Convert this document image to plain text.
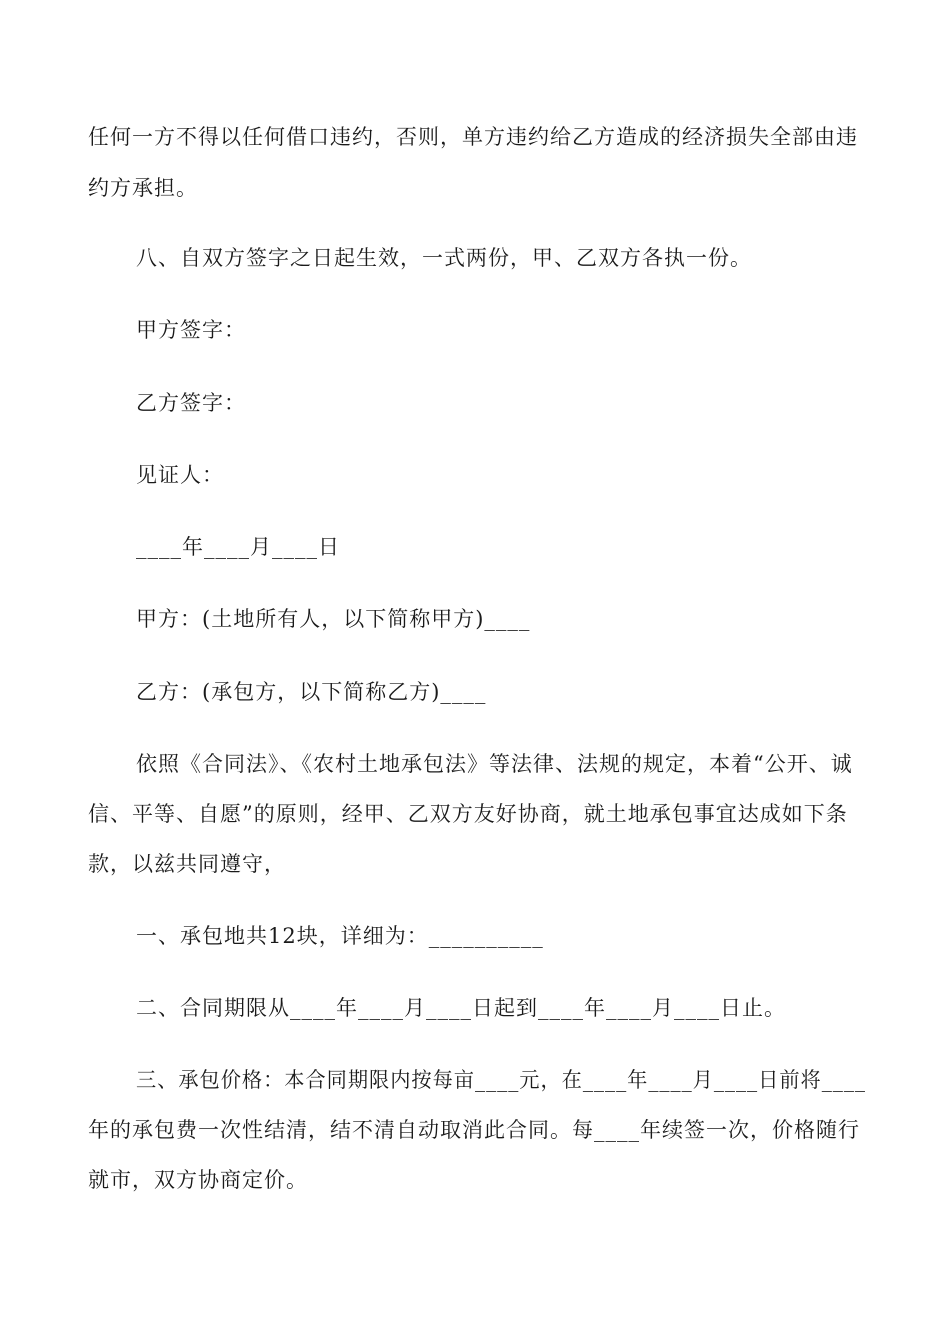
任何一方不得以任何借口违约，否则，单方违约给乙方造成的经济损失全部由违
约方承担。
八、自双方签字之日起生效，一式两份，甲、乙双方各执一份。
甲方签字：
乙方签字：
见证人：
____年____月____日
甲方：(土地所有人，以下简称甲方)____
乙方：(承包方，以下简称乙方)____
依照《合同法》、《农村土地承包法》等法律、法规的规定，本着“公开、诚
信、平等、自愿”的原则，经甲、乙双方友好协商，就土地承包事宜达成如下条
款，以兹共同遵守，
一、承包地共12块，详细为：__________
二、合同期限从____年____月____日起到____年____月____日止。
三、承包价格：本合同期限内按每亩____元，在____年____月____日前将____
年的承包费一次性结清，结不清自动取消此合同。每____年续签一次，价格随行
就市，双方协商定价。
